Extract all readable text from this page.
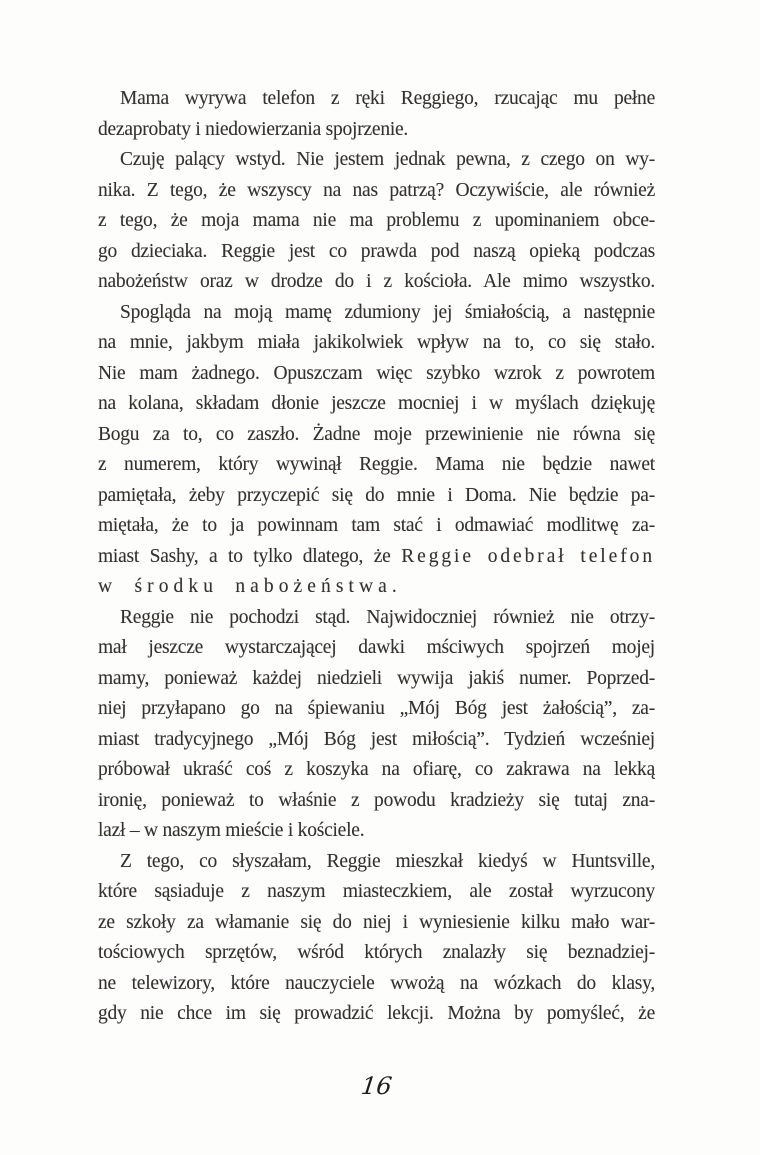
Mama wyrywa telefon z ręki Reggiego, rzucając mu pełne
dezaprobaty i niedowierzania spojrzenie.
Czuję palący wstyd. Nie jestem jednak pewna, z czego on wy-
nika. Z tego, że wszyscy na nas patrzą? Oczywiście, ale również
z tego, że moja mama nie ma problemu z upominaniem obce-
go dzieciaka. Reggie jest co prawda pod naszą opieką podczas
nabożeństw oraz w drodze do i z kościoła. Ale mimo wszystko.
Spogląda na moją mamę zdumiony jej śmiałością, a następnie
na mnie, jakbym miała jakikolwiek wpływ na to, co się stało.
Nie mam żadnego. Opuszczam więc szybko wzrok z powrotem
na kolana, składam dłonie jeszcze mocniej i w myślach dziękuję
Bogu za to, co zaszło. Żadne moje przewinienie nie równa się
z numerem, który wywinął Reggie. Mama nie będzie nawet
pamiętała, żeby przyczepić się do mnie i Doma. Nie będzie pa-
miętała, że to ja powinnam tam stać i odmawiać modlitwę za-
miast Sashy, a to tylko dlatego, że Reggie odebrał telefon
w środku nabożeństwa.
Reggie nie pochodzi stąd. Najwidoczniej również nie otrzy-
mał jeszcze wystarczającej dawki mściwych spojrzeń mojej
mamy, ponieważ każdej niedzieli wywija jakiś numer. Poprzed-
niej przyłapano go na śpiewaniu „Mój Bóg jest żałością”, za-
miast tradycyjnego „Mój Bóg jest miłością”. Tydzień wcześniej
próbował ukraść coś z koszyka na ofiarę, co zakrawa na lekką
ironię, ponieważ to właśnie z powodu kradzieży się tutaj zna-
lazł – w naszym mieście i kościele.
Z tego, co słyszałam, Reggie mieszkał kiedyś w Huntsville,
które sąsiaduje z naszym miasteczkiem, ale został wyrzucony
ze szkoły za włamanie się do niej i wyniesienie kilku mało war-
tościowych sprzętów, wśród których znalazły się beznadziej-
ne telewizory, które nauczyciele wwożą na wózkach do klasy,
gdy nie chce im się prowadzić lekcji. Można by pomyśleć, że
16
